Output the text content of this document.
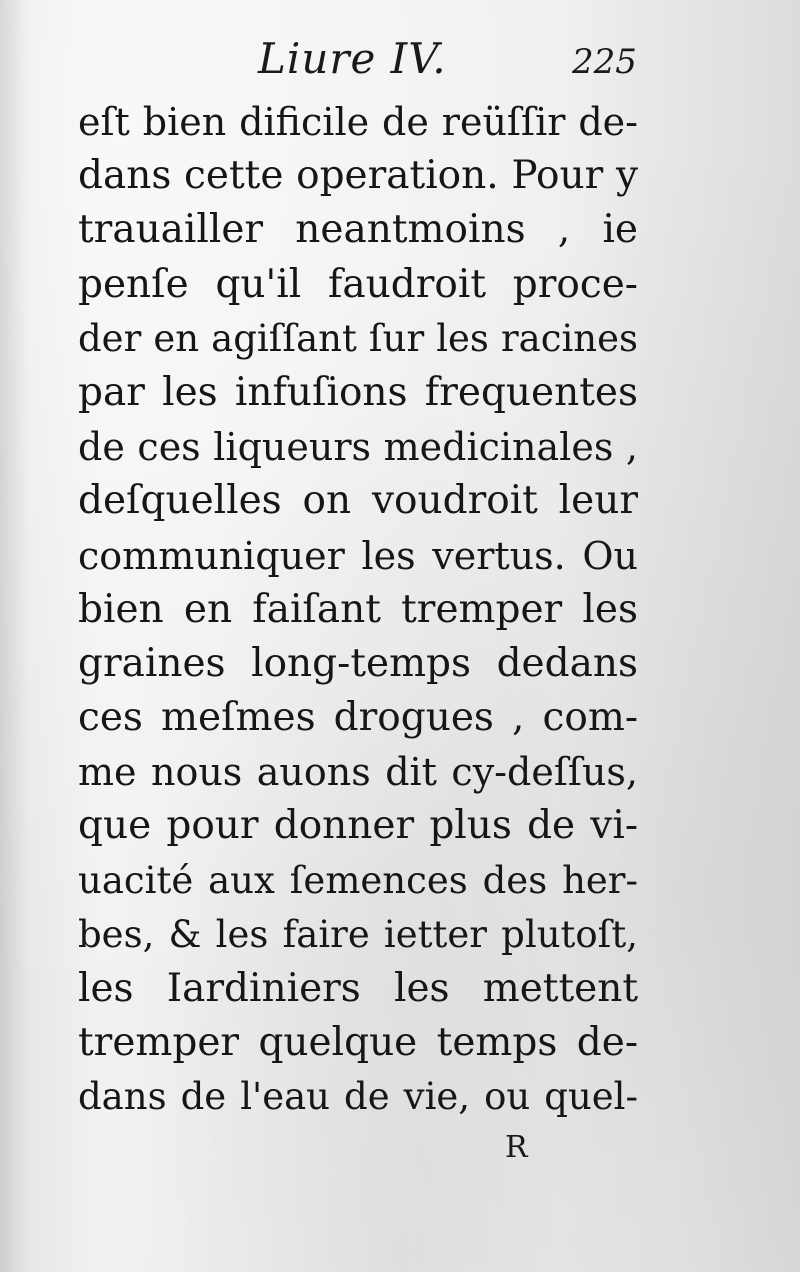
Liure IV.	225
eſt bien dificile de reüſſir de-
dans cette operation. Pour y
trauailler neantmoins , ie
penſe qu'il faudroit proce-
der en agiſſant ſur les racines
par les infuſions frequentes
de ces liqueurs medicinales ,
deſquelles on voudroit leur
communiquer les vertus. Ou
bien en faiſant tremper les
graines long-temps dedans
ces meſmes drogues , com-
me nous auons dit cy-deſſus,
que pour donner plus de vi-
uacité aux ſemences des her-
bes, & les faire ietter plutoſt,
les Iardiniers les mettent
tremper quelque temps de-
dans de l'eau de vie, ou quel-
R
